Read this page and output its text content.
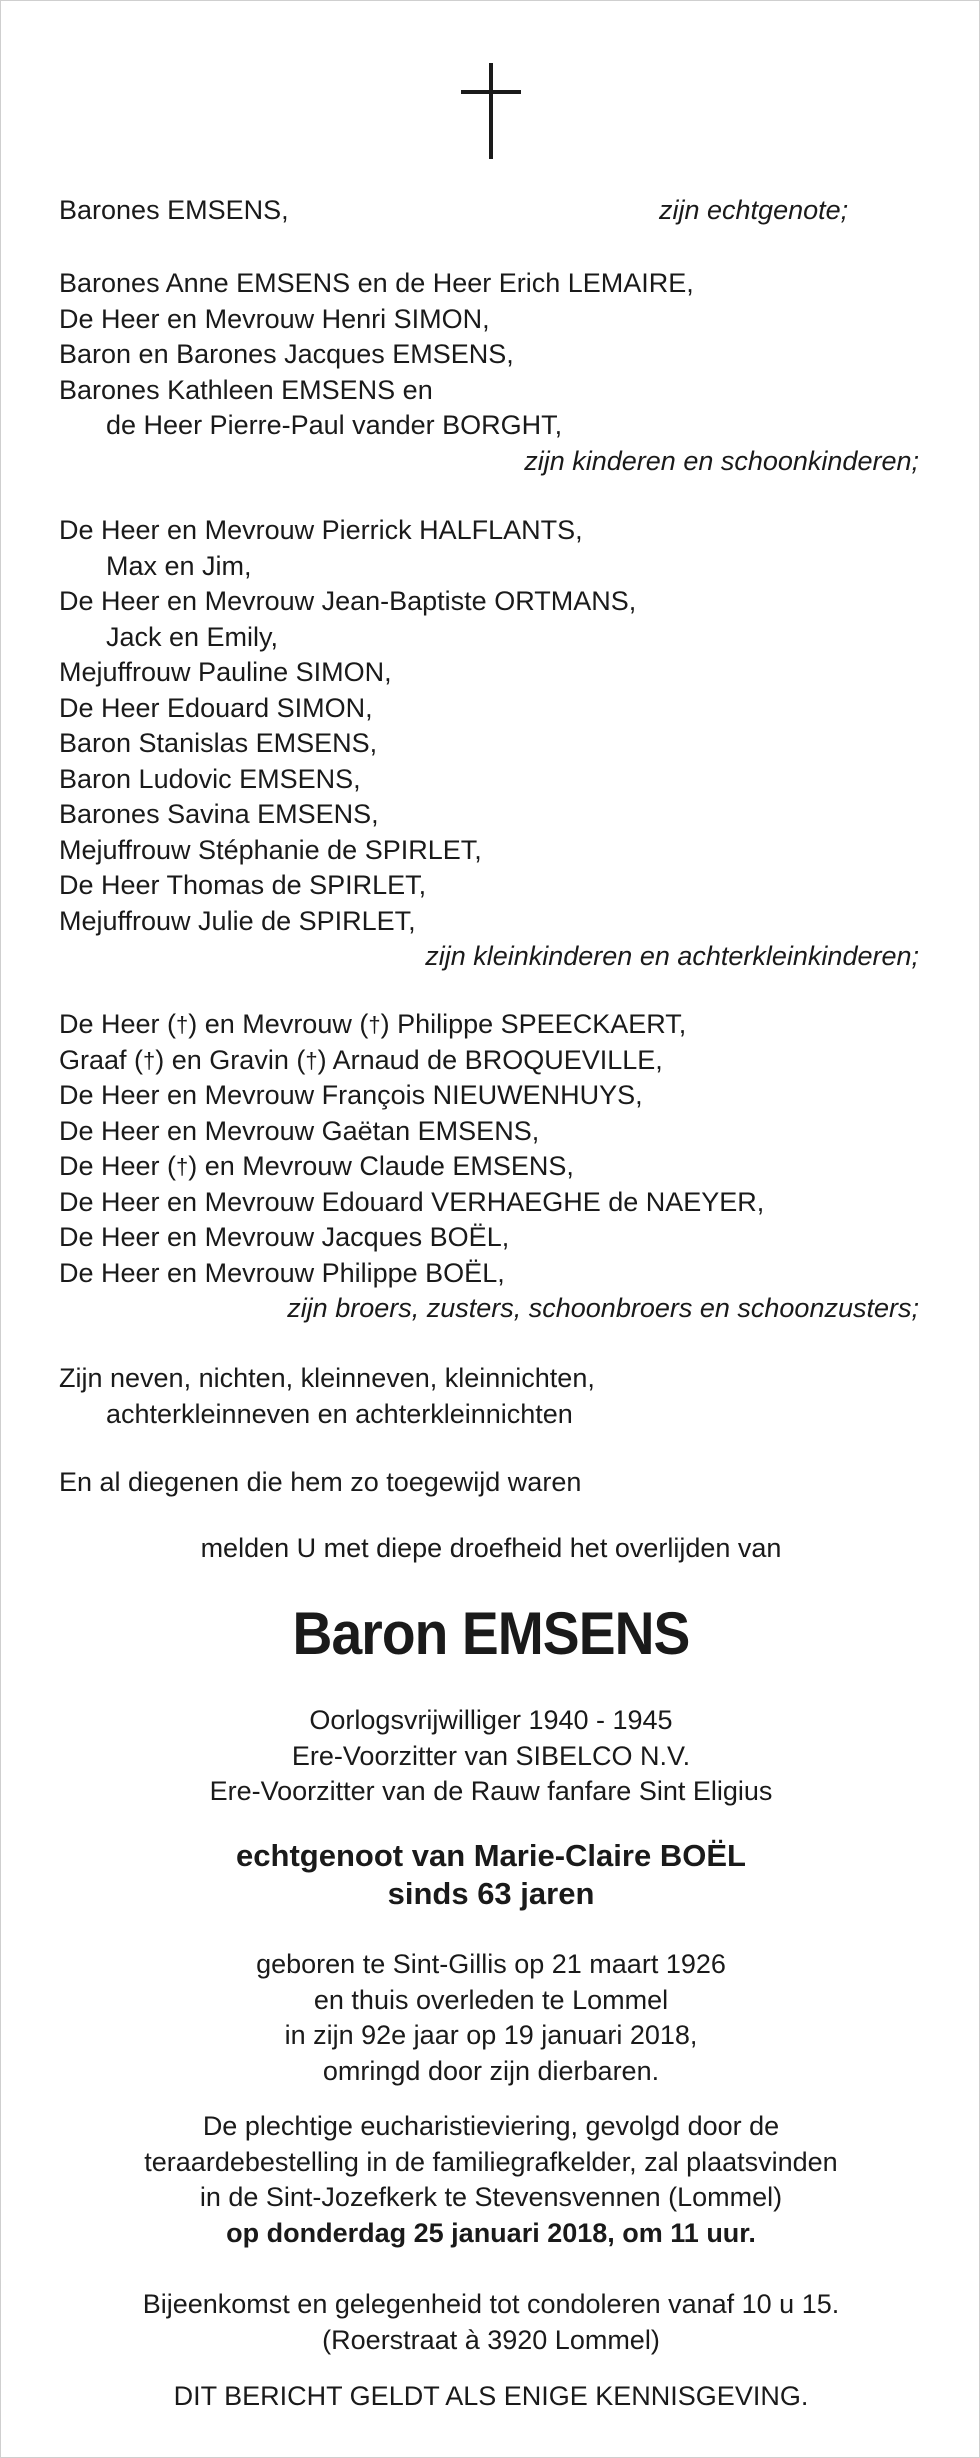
Barones EMSENS,	zijn echtgenote;
Barones Anne EMSENS en de Heer Erich LEMAIRE,
De Heer en Mevrouw Henri SIMON,
Baron en Barones Jacques EMSENS,
Barones Kathleen EMSENS en
de Heer Pierre-Paul vander BORGHT,
zijn kinderen en schoonkinderen;
De Heer en Mevrouw Pierrick HALFLANTS,
Max en Jim,
De Heer en Mevrouw Jean-Baptiste ORTMANS,
Jack en Emily,
Mejuffrouw Pauline SIMON,
De Heer Edouard SIMON,
Baron Stanislas EMSENS,
Baron Ludovic EMSENS,
Barones Savina EMSENS,
Mejuffrouw Stéphanie de SPIRLET,
De Heer Thomas de SPIRLET,
Mejuffrouw Julie de SPIRLET,
zijn kleinkinderen en achterkleinkinderen;
De Heer (†) en Mevrouw (†) Philippe SPEECKAERT,
Graaf (†) en Gravin (†) Arnaud de BROQUEVILLE,
De Heer en Mevrouw François NIEUWENHUYS,
De Heer en Mevrouw Gaëtan EMSENS,
De Heer (†) en Mevrouw Claude EMSENS,
De Heer en Mevrouw Edouard VERHAEGHE de NAEYER,
De Heer en Mevrouw Jacques BOËL,
De Heer en Mevrouw Philippe BOËL,
zijn broers, zusters, schoonbroers en schoonzusters;
Zijn neven, nichten, kleinneven, kleinnichten,
achterkleinneven en achterkleinnichten
En al diegenen die hem zo toegewijd waren
melden U met diepe droefheid het overlijden van
Baron EMSENS
Oorlogsvrijwilliger 1940 - 1945
Ere-Voorzitter van SIBELCO N.V.
Ere-Voorzitter van de Rauw fanfare Sint Eligius
echtgenoot van Marie-Claire BOËL
sinds 63 jaren
geboren te Sint-Gillis op 21 maart 1926
en thuis overleden te Lommel
in zijn 92e jaar op 19 januari 2018,
omringd door zijn dierbaren.
De plechtige eucharistieviering, gevolgd door de
teraardebestelling in de familiegrafkelder, zal plaatsvinden
in de Sint-Jozefkerk te Stevensvennen (Lommel)
op donderdag 25 januari 2018, om 11 uur.
Bijeenkomst en gelegenheid tot condoleren vanaf 10 u 15.
(Roerstraat à 3920 Lommel)
DIT BERICHT GELDT ALS ENIGE KENNISGEVING.
